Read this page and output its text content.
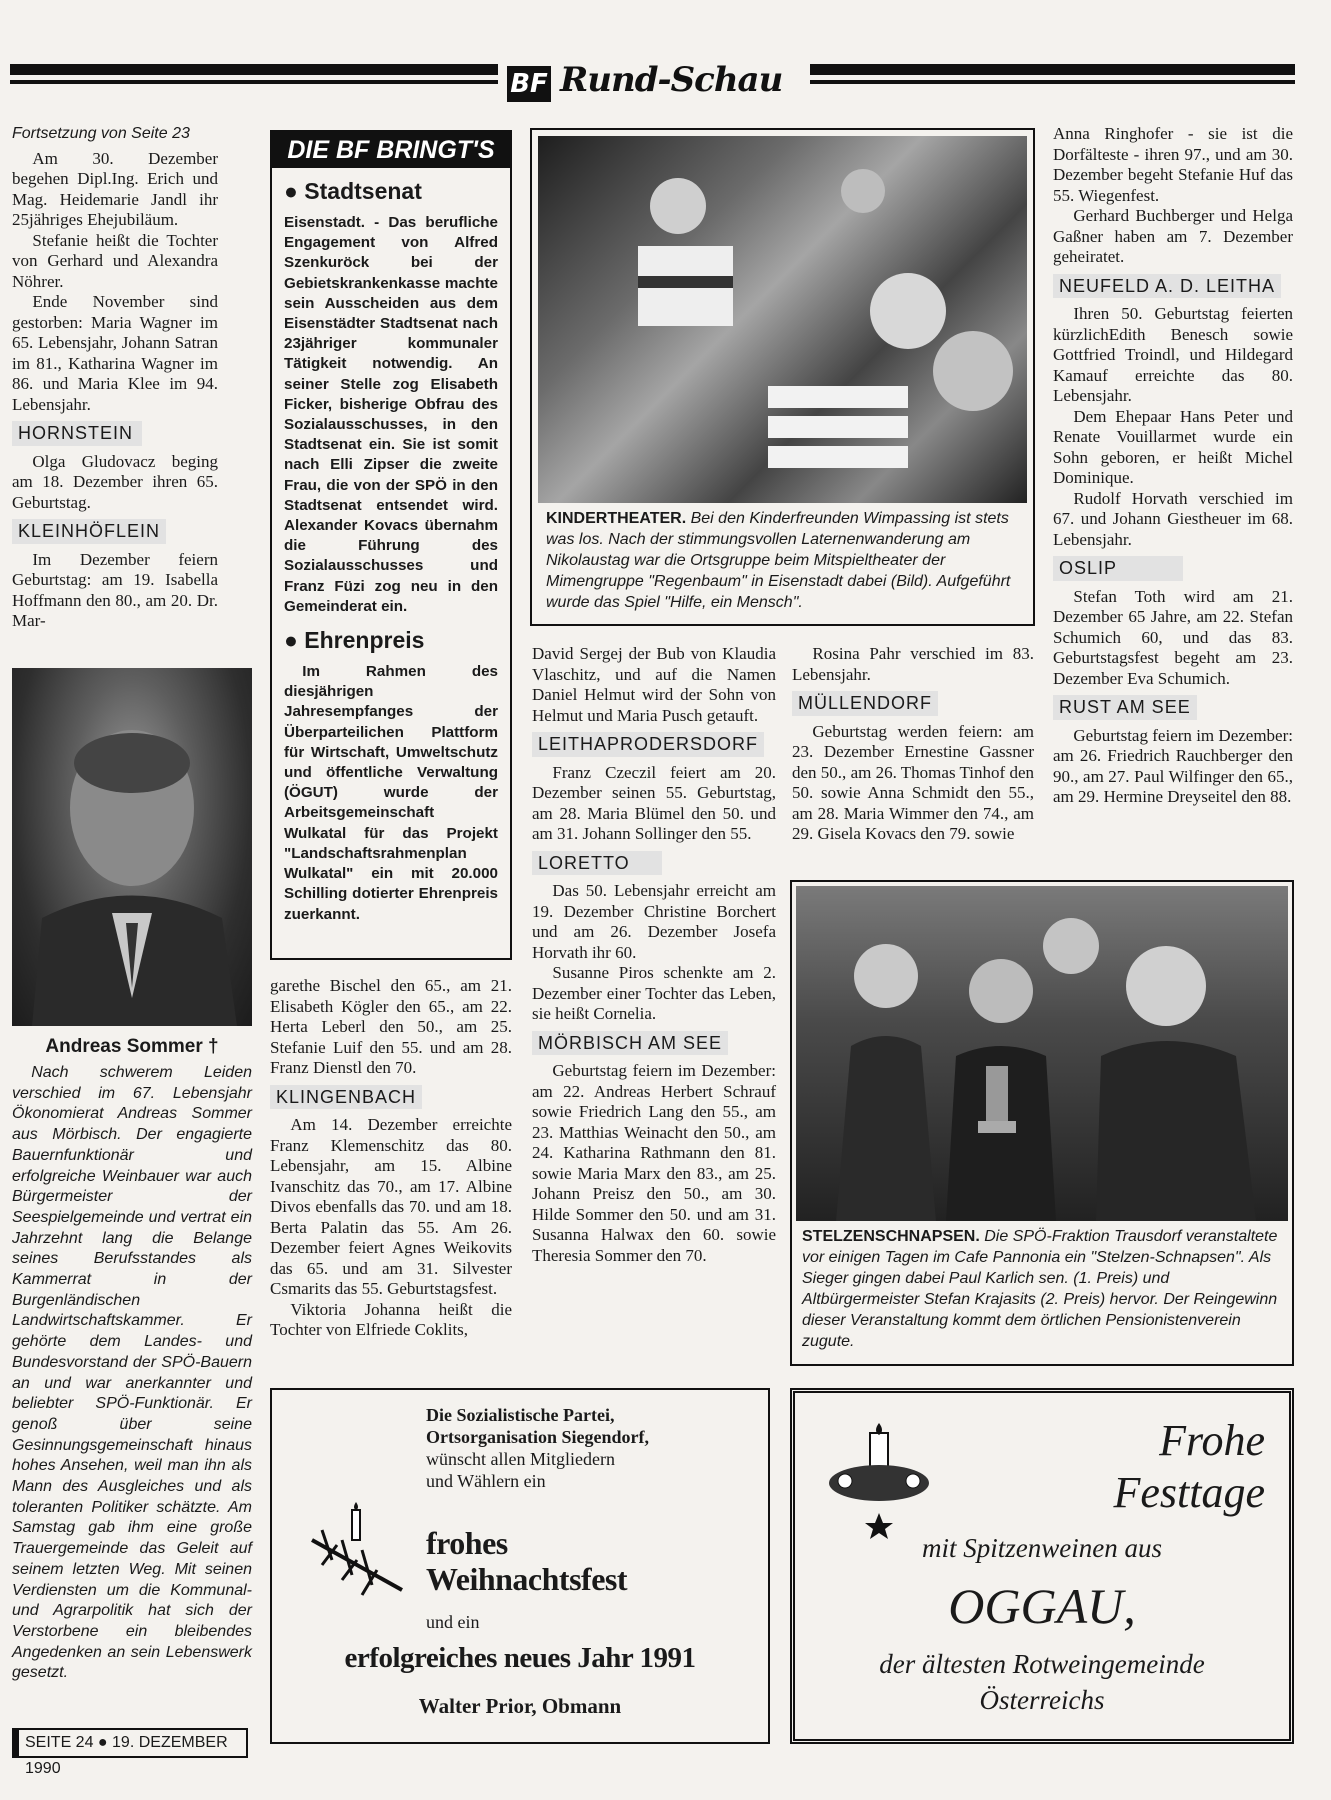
BF Rund-Schau
Fortsetzung von Seite 23

Am 30. Dezember begehen Dipl.Ing. Erich und Mag. Heidemarie Jandl ihr 25jähriges Ehejubiläum.

Stefanie heißt die Tochter von Gerhard und Alexandra Nöhrer.

Ende November sind gestorben: Maria Wagner im 65. Lebensjahr, Johann Satran im 81., Katharina Wagner im 86. und Maria Klee im 94. Lebensjahr.

HORNSTEIN

Olga Gludovacz beging am 18. Dezember ihren 65. Geburtstag.

KLEINHÖFLEIN

Im Dezember feiern Geburtstag: am 19. Isabella Hoffmann den 80., am 20. Dr. Mar-

Andreas Sommer †
Nach schwerem Leiden verschied im 67. Lebensjahr Ökonomierat Andreas Sommer aus Mörbisch. Der engagierte Bauernfunktionär und erfolgreiche Weinbauer war auch Bürgermeister der Seespielgemeinde und vertrat ein Jahrzehnt lang die Belange seines Berufsstandes als Kammerrat in der Burgenländischen Landwirtschaftskammer. Er gehörte dem Landes- und Bundesvorstand der SPÖ-Bauern an und war anerkannter und beliebter SPÖ-Funktionär. Er genoß über seine Gesinnungsgemeinschaft hinaus hohes Ansehen, weil man ihn als Mann des Ausgleiches und als toleranten Politiker schätzte. Am Samstag gab ihm eine große Trauergemeinde das Geleit auf seinem letzten Weg. Mit seinen Verdiensten um die Kommunal- und Agrarpolitik hat sich der Verstorbene ein bleibendes Angedenken an sein Lebenswerk gesetzt.
SEITE 24 ● 19. DEZEMBER 1990
DIE BF BRINGT'S
● Stadtsenat
Eisenstadt. - Das berufliche Engagement von Alfred Szenkuröck bei der Gebietskrankenkasse machte sein Ausscheiden aus dem Eisenstädter Stadtsenat nach 23jähriger kommunaler Tätigkeit notwendig. An seiner Stelle zog Elisabeth Ficker, bisherige Obfrau des Sozialausschusses, in den Stadtsenat ein. Sie ist somit nach Elli Zipser die zweite Frau, die von der SPÖ in den Stadtsenat entsendet wird. Alexander Kovacs übernahm die Führung des Sozialausschusses und Franz Füzi zog neu in den Gemeinderat ein.
● Ehrenpreis
Im Rahmen des diesjährigen Jahresempfanges der Überparteilichen Plattform für Wirtschaft, Umweltschutz und öffentliche Verwaltung (ÖGUT) wurde der Arbeitsgemeinschaft Wulkatal für das Projekt "Landschaftsrahmenplan Wulkatal" ein mit 20.000 Schilling dotierter Ehrenpreis zuerkannt.

garethe Bischel den 65., am 21. Elisabeth Kögler den 65., am 22. Herta Leberl den 50., am 25. Stefanie Luif den 55. und am 28. Franz Dienstl den 70.

KLINGENBACH

Am 14. Dezember erreichte Franz Klemenschitz das 80. Lebensjahr, am 15. Albine Ivanschitz das 70., am 17. Albine Divos ebenfalls das 70. und am 18. Berta Palatin das 55. Am 26. Dezember feiert Agnes Weikovits das 65. und am 31. Silvester Csmarits das 55. Geburtstagsfest.

Viktoria Johanna heißt die Tochter von Elfriede Coklits,

KINDERTHEATER. Bei den Kinderfreunden Wimpassing ist stets was los. Nach der stimmungsvollen Laternenwanderung am Nikolaustag war die Ortsgruppe beim Mitspieltheater der Mimengruppe "Regenbaum" in Eisenstadt dabei (Bild). Aufgeführt wurde das Spiel "Hilfe, ein Mensch".

David Sergej der Bub von Klaudia Vlaschitz, und auf die Namen Daniel Helmut wird der Sohn von Helmut und Maria Pusch getauft.

LEITHAPRODERSDORF

Franz Czeczil feiert am 20. Dezember seinen 55. Geburtstag, am 28. Maria Blümel den 50. und am 31. Johann Sollinger den 55.

LORETTO

Das 50. Lebensjahr erreicht am 19. Dezember Christine Borchert und am 26. Dezember Josefa Horvath ihr 60.

Susanne Piros schenkte am 2. Dezember einer Tochter das Leben, sie heißt Cornelia.

MÖRBISCH AM SEE

Geburtstag feiern im Dezember: am 22. Andreas Herbert Schrauf sowie Friedrich Lang den 55., am 23. Matthias Weinacht den 50., am 24. Katharina Rathmann den 81. sowie Maria Marx den 83., am 25. Johann Preisz den 50., am 30. Hilde Sommer den 50. und am 31. Susanna Halwax den 60. sowie Theresia Sommer den 70.

Rosina Pahr verschied im 83. Lebensjahr.

MÜLLENDORF

Geburtstag werden feiern: am 23. Dezember Ernestine Gassner den 50., am 26. Thomas Tinhof den 50. sowie Anna Schmidt den 55., am 28. Maria Wimmer den 74., am 29. Gisela Kovacs den 79. sowie

Anna Ringhofer - sie ist die Dorfälteste - ihren 97., und am 30. Dezember begeht Stefanie Huf das 55. Wiegenfest.

Gerhard Buchberger und Helga Gaßner haben am 7. Dezember geheiratet.

NEUFELD A. D. LEITHA

Ihren 50. Geburtstag feierten kürzlichEdith Benesch sowie Gottfried Troindl, und Hildegard Kamauf erreichte das 80. Lebensjahr.

Dem Ehepaar Hans Peter und Renate Vouillarmet wurde ein Sohn geboren, er heißt Michel Dominique.

Rudolf Horvath verschied im 67. und Johann Giestheuer im 68. Lebensjahr.

OSLIP

Stefan Toth wird am 21. Dezember 65 Jahre, am 22. Stefan Schumich 60, und das 83. Geburtstagsfest begeht am 23. Dezember Eva Schumich.

RUST AM SEE

Geburtstag feiern im Dezember: am 26. Friedrich Rauchberger den 90., am 27. Paul Wilfinger den 65., am 29. Hermine Dreyseitel den 88.

STELZENSCHNAPSEN. Die SPÖ-Fraktion Trausdorf veranstaltete vor einigen Tagen im Cafe Pannonia ein "Stelzen-Schnapsen". Als Sieger gingen dabei Paul Karlich sen. (1. Preis) und Altbürgermeister Stefan Krajasits (2. Preis) hervor. Der Reingewinn dieser Veranstaltung kommt dem örtlichen Pensionistenverein zugute.
Die Sozialistische Partei,
Ortsorganisation Siegendorf,
wünscht allen Mitgliedern
und Wählern ein
frohes
Weihnachtsfest
und ein
erfolgreiches neues Jahr 1991
Walter Prior, Obmann
Frohe
Festtage
mit Spitzenweinen aus
OGGAU,
der ältesten Rotweingemeinde
Österreichs
